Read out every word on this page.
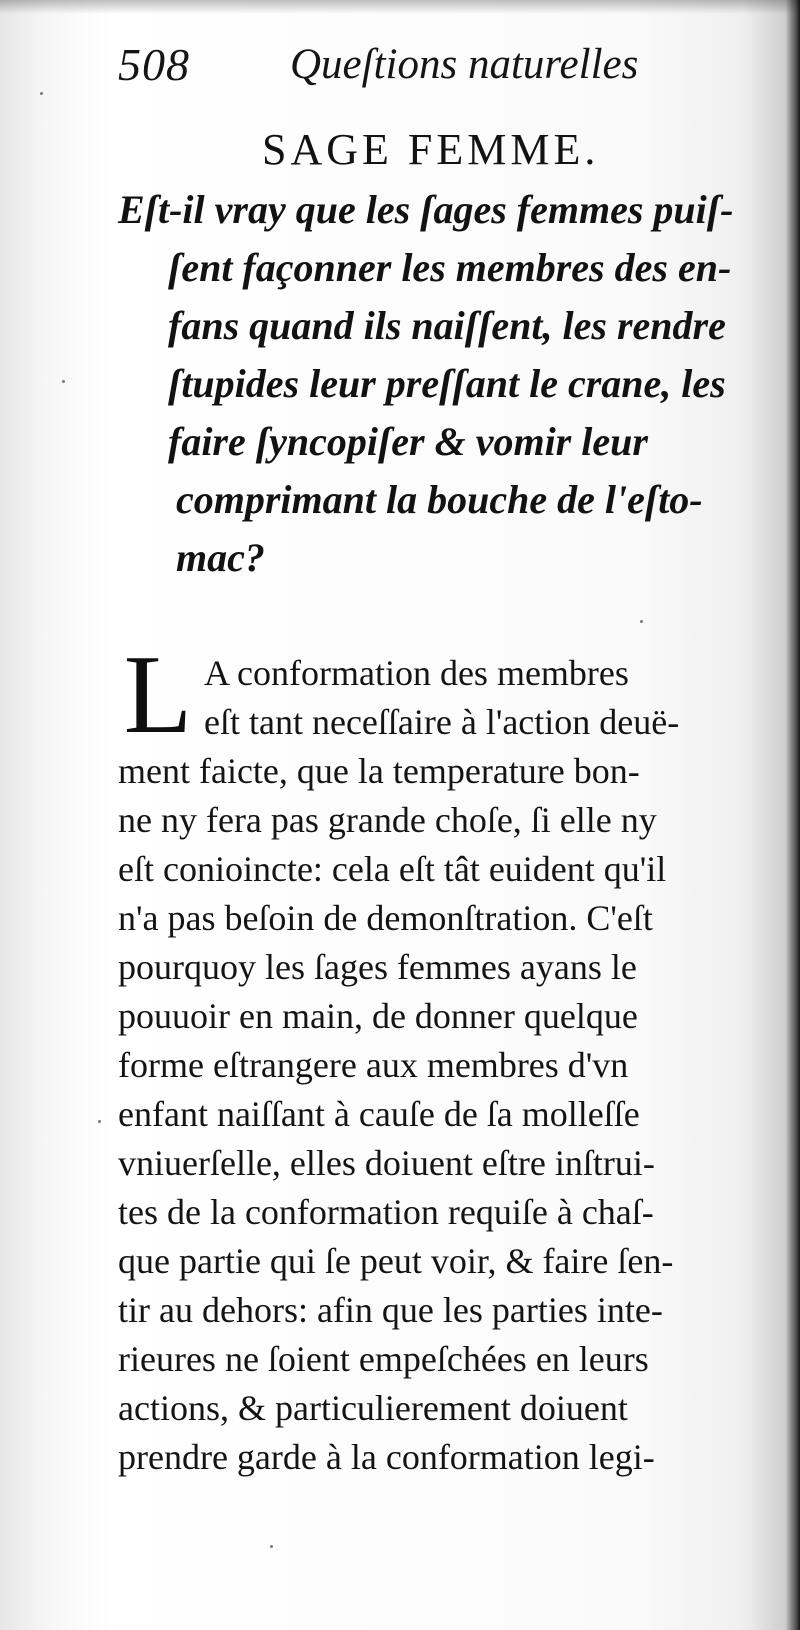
508 Queſtions naturelles
SAGE FEMME.
Eſt-il vray que les ſages femmes puiſ-
ſent façonner les membres des en-
fans quand ils naiſſent, les rendre
ſtupides leur preſſant le crane, les
faire ſyncopiſer & vomir leur
comprimant la bouche de l'eſto-
mac?
L A conformation des membres
eſt tant neceſſaire à l'action deuë-
ment faicte, que la temperature bon-
ne ny fera pas grande choſe, ſi elle ny
eſt conioincte: cela eſt tât euident qu'il
n'a pas beſoin de demonſtration. C'eſt
pourquoy les ſages femmes ayans le
pouuoir en main, de donner quelque
forme eſtrangere aux membres d'vn
enfant naiſſant à cauſe de ſa molleſſe
vniuerſelle, elles doiuent eſtre inſtrui-
tes de la conformation requiſe à chaſ-
que partie qui ſe peut voir, & faire ſen-
tir au dehors: afin que les parties inte-
rieures ne ſoient empeſchées en leurs
actions, & particulierement doiuent
prendre garde à la conformation legi-
